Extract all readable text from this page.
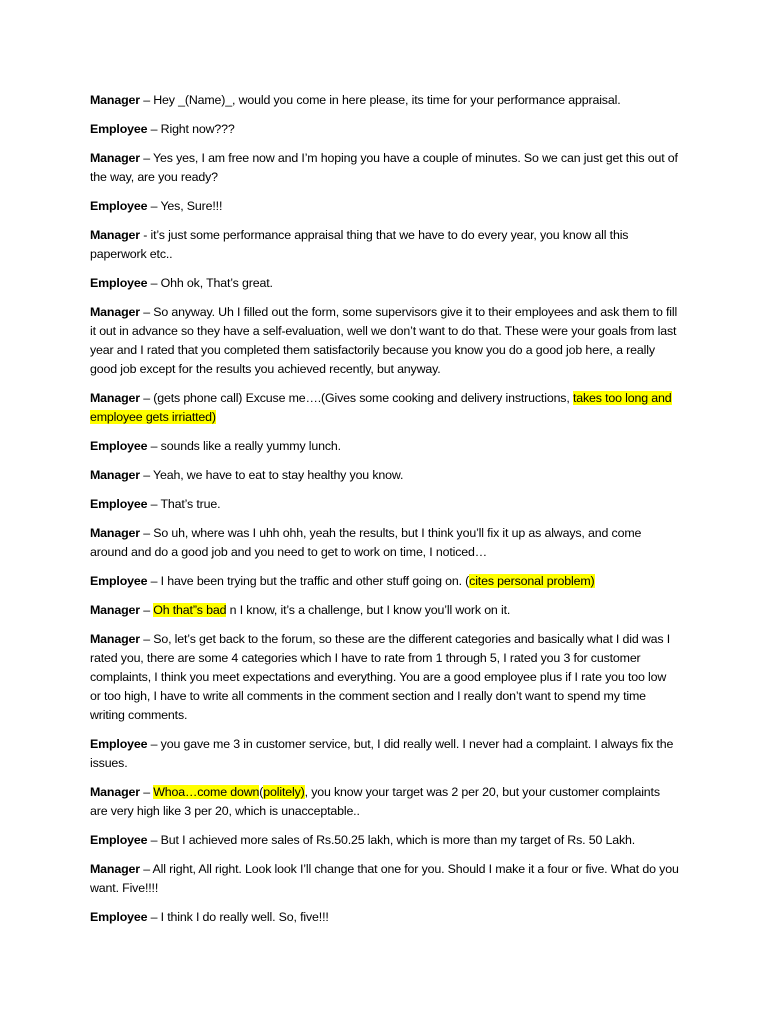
Manager – Hey _(Name)_, would you come in here please, its time for your performance appraisal.

Employee – Right now???

Manager – Yes yes, I am free now and I’m hoping you have a couple of minutes. So we can just get this out of the way, are you ready?

Employee – Yes, Sure!!!

Manager - it’s just some performance appraisal thing that we have to do every year, you know all this paperwork etc..

Employee – Ohh ok, That’s great.

Manager – So anyway. Uh I filled out the form, some supervisors give it to their employees and ask them to fill it out in advance so they have a self-evaluation, well we don’t want to do that. These were your goals from last year and I rated that you completed them satisfactorily because you know you do a good job here, a really good job except for the results you achieved recently, but anyway.

Manager – (gets phone call) Excuse me….(Gives some cooking and delivery instructions, takes too long and employee gets irriatted)

Employee – sounds like a really yummy lunch.

Manager – Yeah, we have to eat to stay healthy you know.

Employee – That’s true.

Manager – So uh, where was I uhh ohh, yeah the results, but I think you’ll fix it up as always, and come around and do a good job and you need to get to work on time, I noticed…

Employee – I have been trying but the traffic and other stuff going on. (cites personal problem)

Manager – Oh that”s bad n I know, it’s a challenge, but I know you’ll work on it.

Manager – So, let’s get back to the forum, so these are the different categories and basically what I did was I rated you, there are some 4 categories which I have to rate from 1 through 5, I rated you 3 for customer complaints, I think you meet expectations and everything. You are a good employee plus if I rate you too low or too high, I have to write all comments in the comment section and I really don’t want to spend my time writing comments.

Employee – you gave me 3 in customer service, but, I did really well. I never had a complaint. I always fix the issues.

Manager – Whoa…come down(politely), you know your target was 2 per 20, but your customer complaints are very high like 3 per 20, which is unacceptable..

Employee – But I achieved more sales of Rs.50.25 lakh, which is more than my target of Rs. 50 Lakh.

Manager – All right, All right. Look look I’ll change that one for you. Should I make it a four or five. What do you want. Five!!!!

Employee – I think I do really well. So, five!!!
